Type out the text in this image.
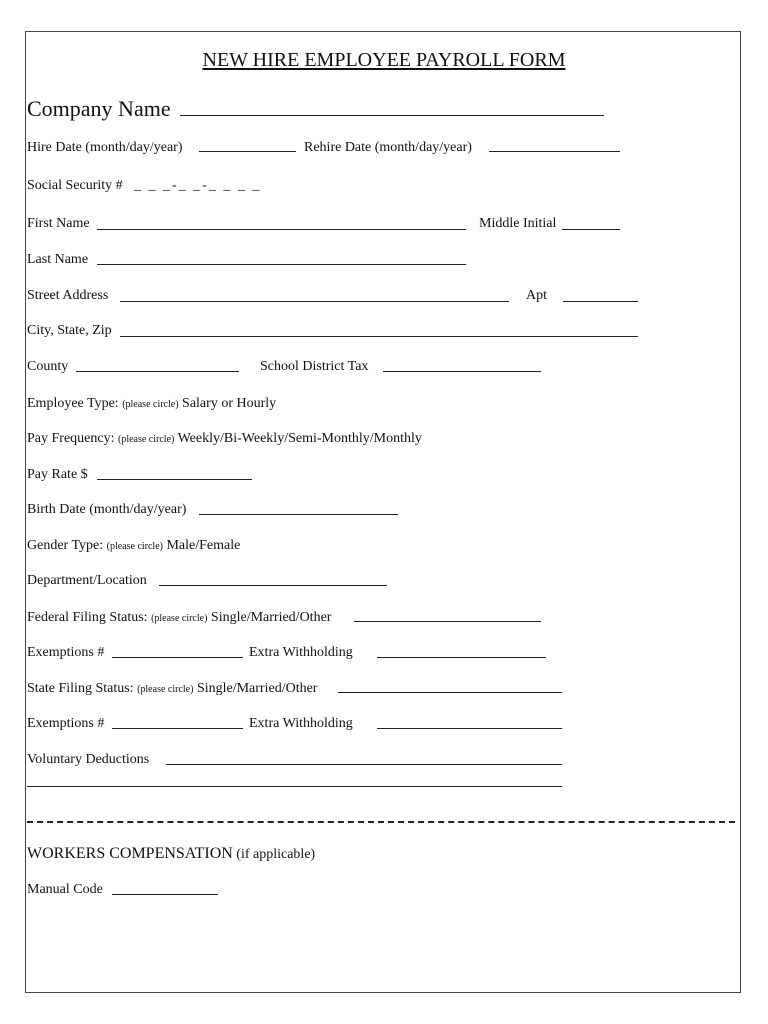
NEW HIRE EMPLOYEE PAYROLL FORM
Company Name
Hire Date (month/day/year)	Rehire Date (month/day/year)
Social Security # _ _ _-_ _-_ _ _ _
First Name	Middle Initial
Last Name
Street Address	Apt
City, State, Zip
County	School District Tax
Employee Type: (please circle) Salary or Hourly
Pay Frequency: (please circle) Weekly/Bi-Weekly/Semi-Monthly/Monthly
Pay Rate $
Birth Date (month/day/year)
Gender Type: (please circle) Male/Female
Department/Location
Federal Filing Status: (please circle) Single/Married/Other
Exemptions #	Extra Withholding
State Filing Status: (please circle) Single/Married/Other
Exemptions #	Extra Withholding
Voluntary Deductions
WORKERS COMPENSATION (if applicable)
Manual Code
